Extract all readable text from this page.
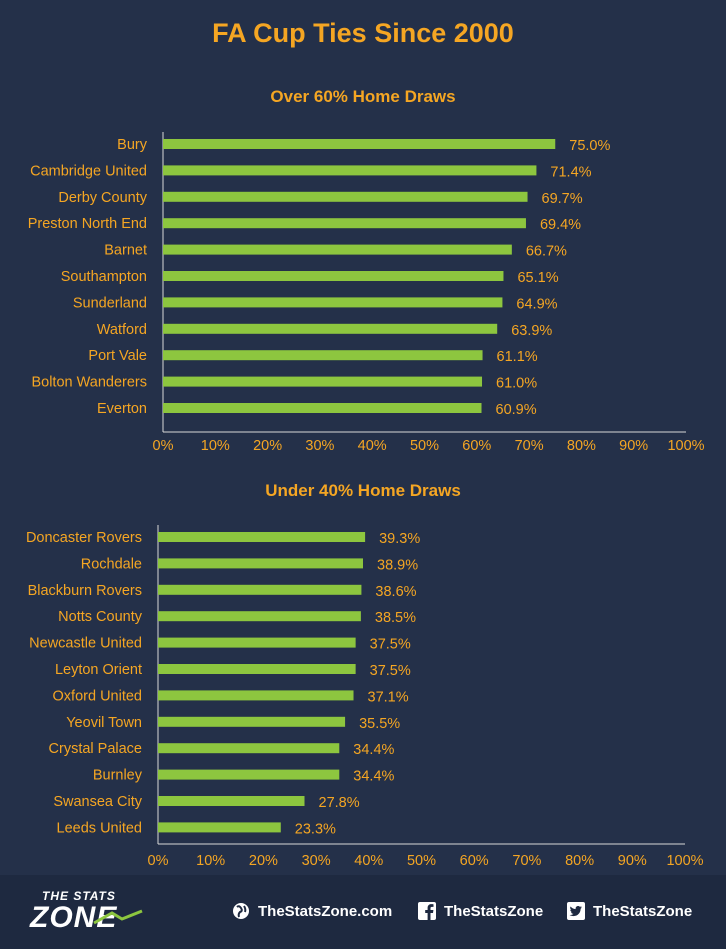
FA Cup Ties Since 2000
Over 60% Home Draws
Bury	75.0%
Cambridge United	71.4%
Derby County	69.7%
Preston North End	69.4%
Barnet	66.7%
Southampton	65.1%
Sunderland	64.9%
Watford	63.9%
Port Vale	61.1%
Bolton Wanderers	61.0%
Everton	60.9%
0% 10% 20% 30% 40% 50% 60% 70% 80% 90% 100%
Under 40% Home Draws
Doncaster Rovers	39.3%
Rochdale	38.9%
Blackburn Rovers	38.6%
Notts County	38.5%
Newcastle United	37.5%
Leyton Orient	37.5%
Oxford United	37.1%
Yeovil Town	35.5%
Crystal Palace	34.4%
Burnley	34.4%
Swansea City	27.8%
Leeds United	23.3%
0% 10% 20% 30% 40% 50% 60% 70% 80% 90% 100%
THE STATS
ZONE	TheStatsZone.com	TheStatsZone	TheStatsZone
